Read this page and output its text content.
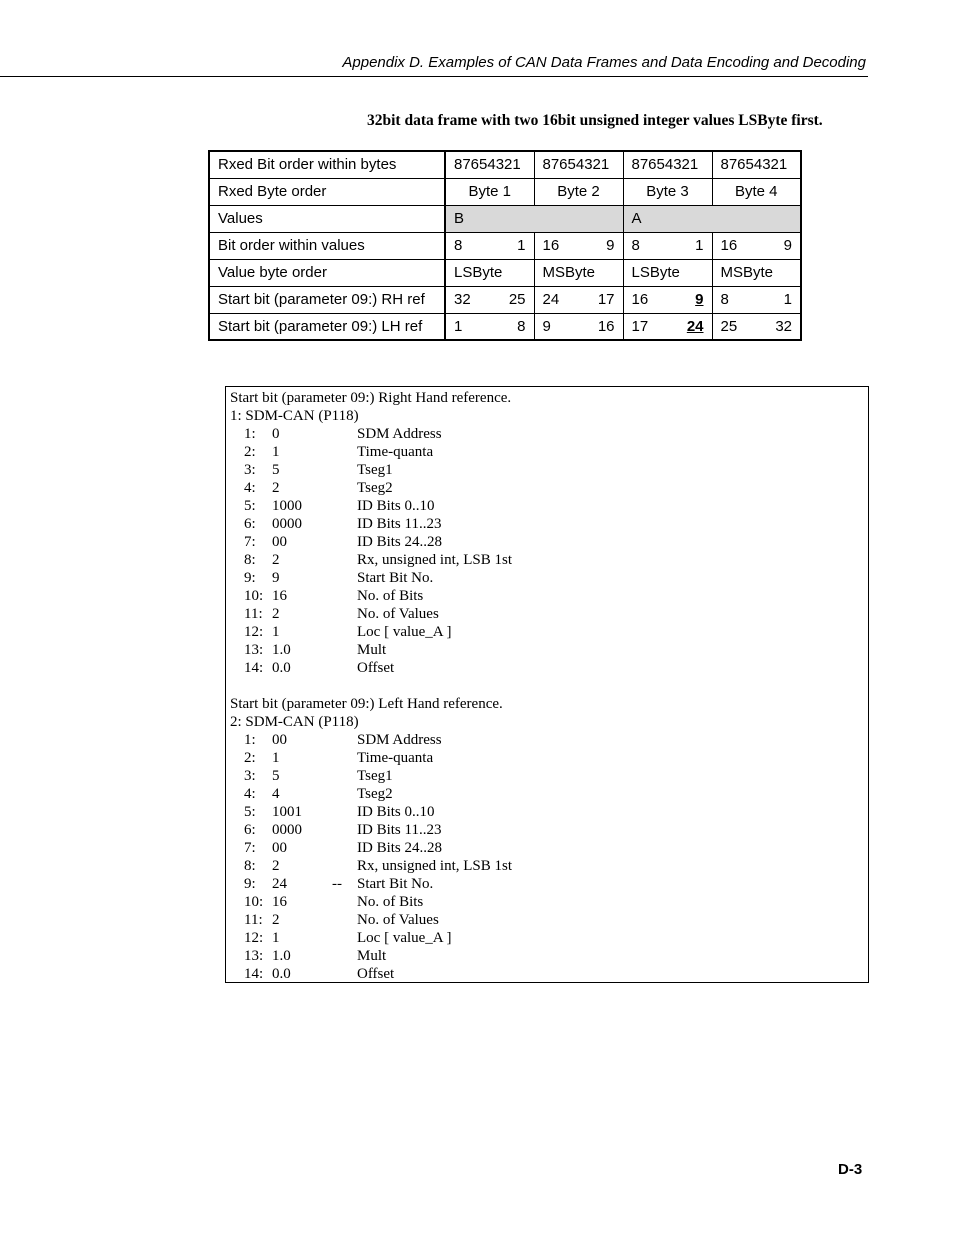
Appendix D. Examples of CAN Data Frames and Data Encoding and Decoding
32bit data frame with two 16bit unsigned integer values LSByte first.
Rxed Bit order within bytes	87654321	87654321	87654321	87654321
Rxed Byte order	Byte 1	Byte 2	Byte 3	Byte 4
Values	B		A	
Bit order within values	8 1	16 9	8 1	16 9

Value byte order	LSByte	MSByte	LSByte	MSByte
Start bit (parameter 09:) RH ref	32 25	24 17	16 9	8 1

Start bit (parameter 09:) LH ref	1 8	9 16	17 24	25 32
Start bit (parameter 09:) Right Hand reference.
1: SDM-CAN (P118)
1: 0	SDM Address
2: 1	Time-quanta
3: 5	Tseg1
4: 2	Tseg2
5: 1000	ID Bits 0..10
6: 0000	ID Bits 11..23
7: 00	ID Bits 24..28
8: 2	Rx, unsigned int, LSB 1st
9: 9	Start Bit No.
10: 16	No. of Bits
11: 2	No. of Values
12: 1	Loc [ value_A ]
13: 1.0	Mult
14: 0.0	Offset
Start bit (parameter 09:) Left Hand reference.
2: SDM-CAN (P118)
1: 00	SDM Address
2: 1	Time-quanta
3: 5	Tseg1
4: 4	Tseg2
5: 1001	ID Bits 0..10
6: 0000	ID Bits 11..23
7: 00	ID Bits 24..28
8: 2	Rx, unsigned int, LSB 1st
9: 24	-- Start Bit No.
10: 16	No. of Bits
11: 2	No. of Values
12: 1	Loc [ value_A ]
13: 1.0	Mult
14: 0.0	Offset
D-3
